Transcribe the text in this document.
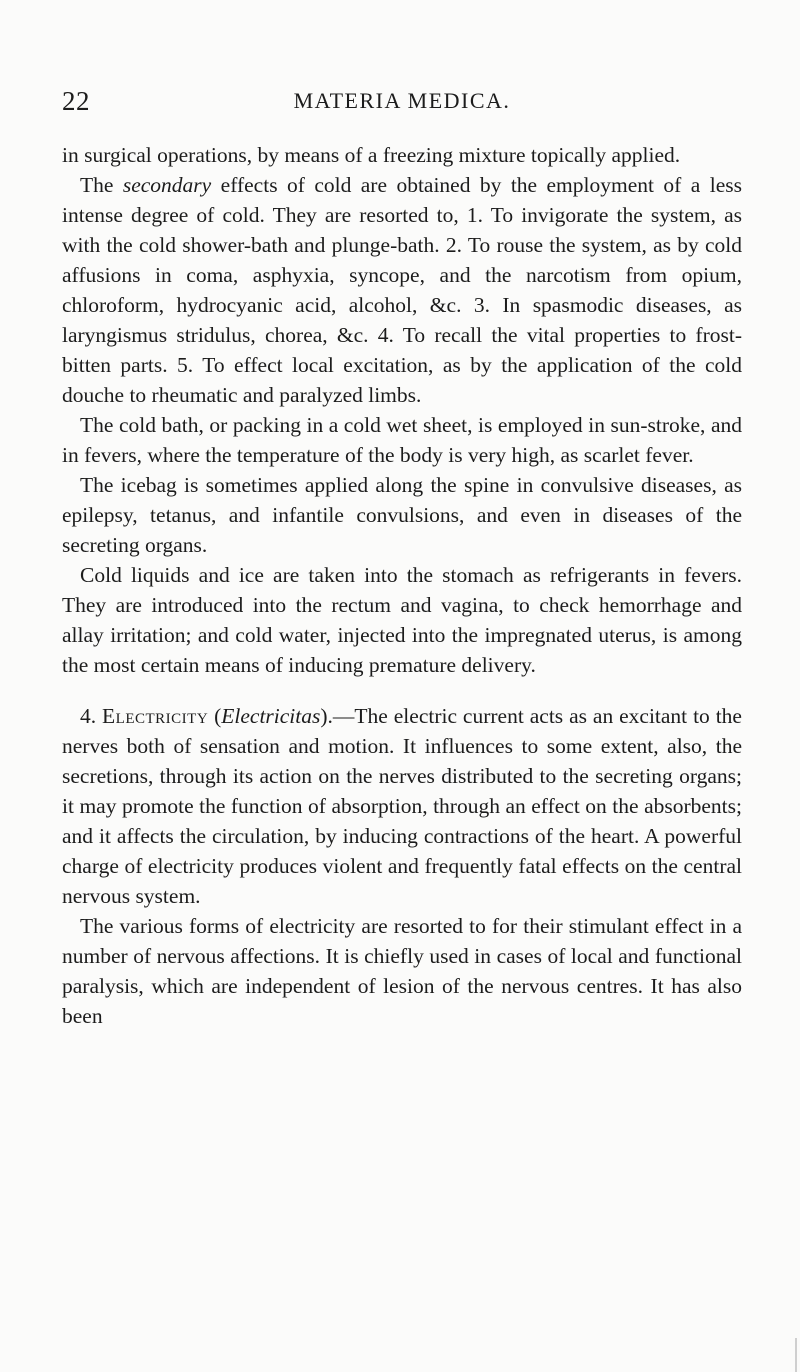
22	MATERIA MEDICA.

in surgical operations, by means of a freezing mixture topically applied.

The secondary effects of cold are obtained by the employment of a less intense degree of cold. They are resorted to, 1. To invigorate the system, as with the cold shower-bath and plunge-bath. 2. To rouse the system, as by cold affusions in coma, asphyxia, syncope, and the narcotism from opium, chloroform, hydrocyanic acid, alcohol, &c. 3. In spasmodic diseases, as laryngismus stridulus, chorea, &c. 4. To recall the vital properties to frost-bitten parts. 5. To effect local excitation, as by the application of the cold douche to rheumatic and paralyzed limbs.

The cold bath, or packing in a cold wet sheet, is employed in sun-stroke, and in fevers, where the temperature of the body is very high, as scarlet fever.

The icebag is sometimes applied along the spine in convulsive diseases, as epilepsy, tetanus, and infantile convulsions, and even in diseases of the secreting organs.

Cold liquids and ice are taken into the stomach as refrigerants in fevers. They are introduced into the rectum and vagina, to check hemorrhage and allay irritation; and cold water, injected into the impregnated uterus, is among the most certain means of inducing premature delivery.

4. Electricity (Electricitas).—The electric current acts as an excitant to the nerves both of sensation and motion. It influences to some extent, also, the secretions, through its action on the nerves distributed to the secreting organs; it may promote the function of absorption, through an effect on the absorbents; and it affects the circulation, by inducing contractions of the heart. A powerful charge of electricity produces violent and frequently fatal effects on the central nervous system.

The various forms of electricity are resorted to for their stimulant effect in a number of nervous affections. It is chiefly used in cases of local and functional paralysis, which are independent of lesion of the nervous centres. It has also been
